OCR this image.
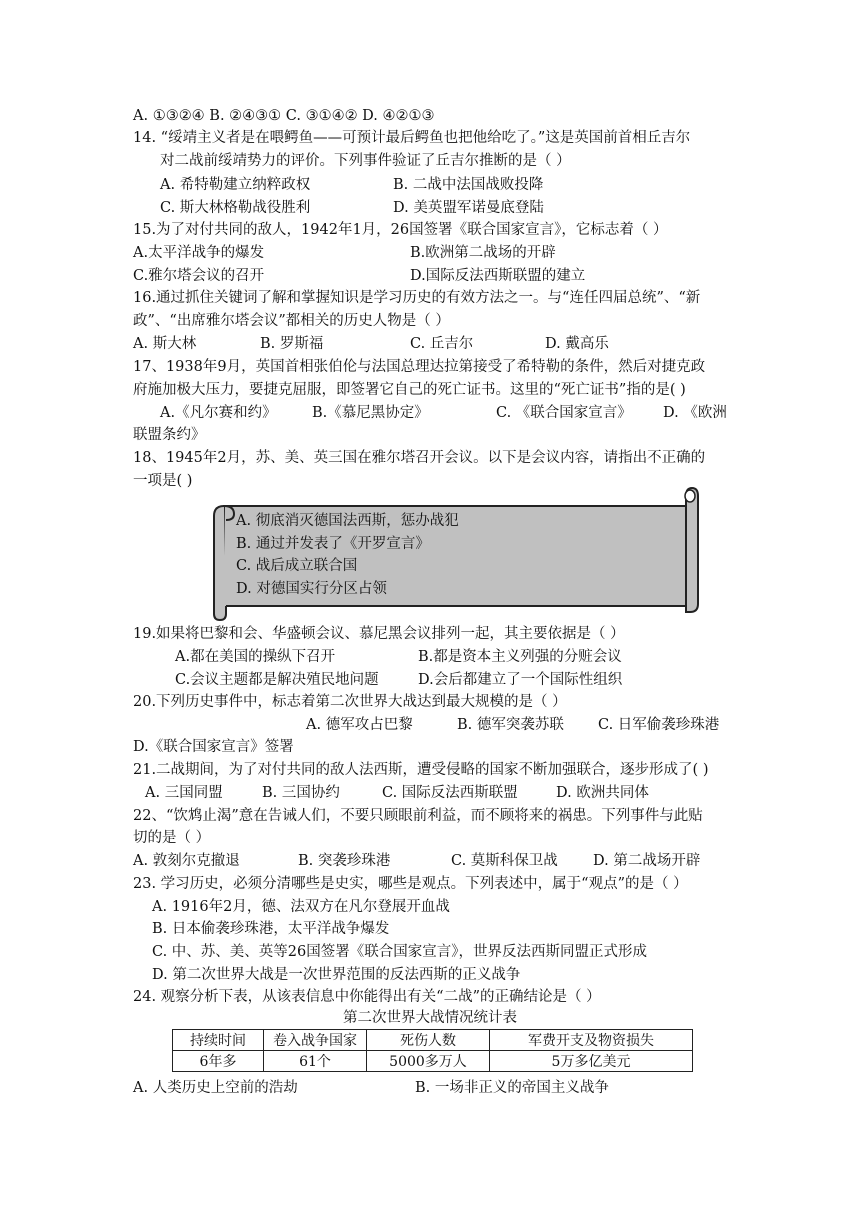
A. ①③②④ B. ②④③① C. ③①④② D. ④②①③
14. “绥靖主义者是在喂鳄鱼——可预计最后鳄鱼也把他给吃了。”这是英国前首相丘吉尔
对二战前绥靖势力的评价。下列事件验证了丘吉尔推断的是（ ）
A. 希特勒建立纳粹政权	B. 二战中法国战败投降
C. 斯大林格勒战役胜利	D. 美英盟军诺曼底登陆
15.为了对付共同的敌人，1942年1月，26国签署《联合国家宣言》，它标志着（ ）
A.太平洋战争的爆发	B.欧洲第二战场的开辟
C.雅尔塔会议的召开	D.国际反法西斯联盟的建立
16.通过抓住关键词了解和掌握知识是学习历史的有效方法之一。与“连任四届总统”、“新
政”、“出席雅尔塔会议”都相关的历史人物是（ ）
A. 斯大林	B. 罗斯福	C. 丘吉尔	D. 戴高乐
17、1938年9月，英国首相张伯伦与法国总理达拉第接受了希特勒的条件，然后对捷克政
府施加极大压力，要捷克屈服，即签署它自己的死亡证书。这里的“死亡证书”指的是( )
A.《凡尔赛和约》 B.《慕尼黑协定》	C. 《联合国家宣言》 D. 《欧洲
联盟条约》
18、1945年2月，苏、美、英三国在雅尔塔召开会议。以下是会议内容，请指出不正确的
一项是( )
A. 彻底消灭德国法西斯，惩办战犯
B. 通过并发表了《开罗宣言》
C. 战后成立联合国
D. 对德国实行分区占领
19.如果将巴黎和会、华盛顿会议、慕尼黑会议排列一起，其主要依据是（ ）
A.都在美国的操纵下召开	B.都是资本主义列强的分赃会议
C.会议主题都是解决殖民地问题	D.会后都建立了一个国际性组织
20.下列历史事件中，标志着第二次世界大战达到最大规模的是（ ）
A. 德军攻占巴黎	B. 德军突袭苏联 C. 日军偷袭珍珠港
D.《联合国家宣言》签署
21.二战期间，为了对付共同的敌人法西斯，遭受侵略的国家不断加强联合，逐步形成了( )
A. 三国同盟	B. 三国协约	C. 国际反法西斯联盟	D. 欧洲共同体
22、“饮鸩止渴”意在告诫人们，不要只顾眼前利益，而不顾将来的祸患。下列事件与此贴
切的是（ ）
A. 敦刻尔克撤退	B. 突袭珍珠港	C. 莫斯科保卫战 D. 第二战场开辟
23. 学习历史，必须分清哪些是史实，哪些是观点。下列表述中，属于“观点”的是（ ）
A. 1916年2月，德、法双方在凡尔登展开血战
B. 日本偷袭珍珠港，太平洋战争爆发
C. 中、苏、美、英等26国签署《联合国家宣言》，世界反法西斯同盟正式形成
D. 第二次世界大战是一次世界范围的反法西斯的正义战争
24. 观察分析下表，从该表信息中你能得出有关“二战”的正确结论是（ ）
第二次世界大战情况统计表
持续时间	卷入战争国家	死伤人数	军费开支及物资损失
6年多	61个	5000多万人	5万多亿美元
A. 人类历史上空前的浩劫	B. 一场非正义的帝国主义战争
